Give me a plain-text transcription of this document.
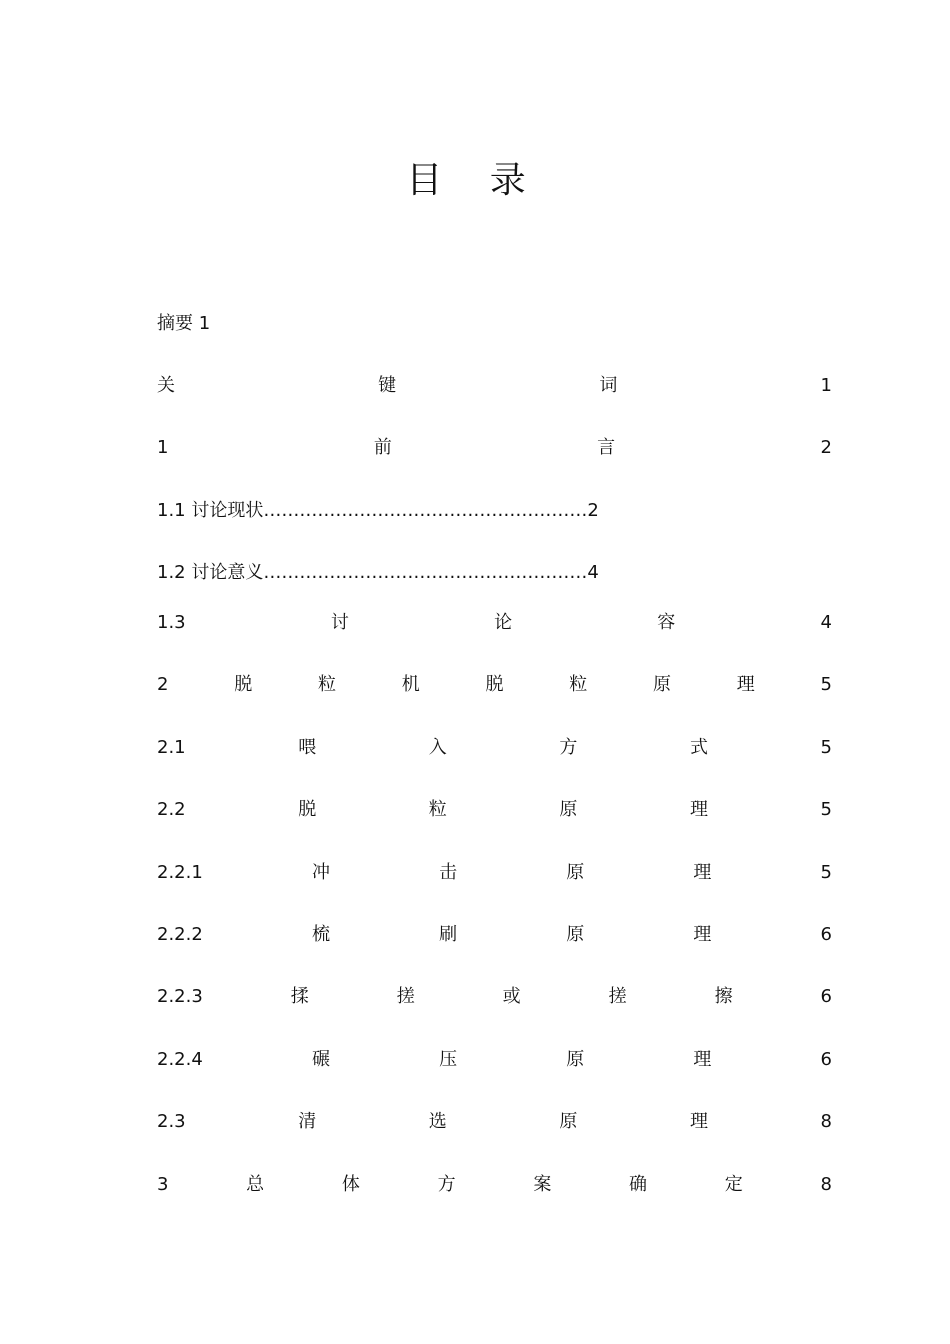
目 录
摘要 1
关	键	词	1
1	前	言	2
1.1 讨论现状………………………………………………2
1.2 讨论意义………………………………………………4
1.3	讨	论	容	4
2	脱	粒	机	脱	粒	原	理	5
2.1	喂	入	方	式	5
2.2	脱	粒	原	理	5
2.2.1	冲	击	原	理	5
2.2.2	梳	刷	原	理	6
2.2.3	揉	搓	或	搓	擦	6
2.2.4	碾	压	原	理	6
2.3	清	选	原	理	8
3	总	体	方	案	确	定	8
